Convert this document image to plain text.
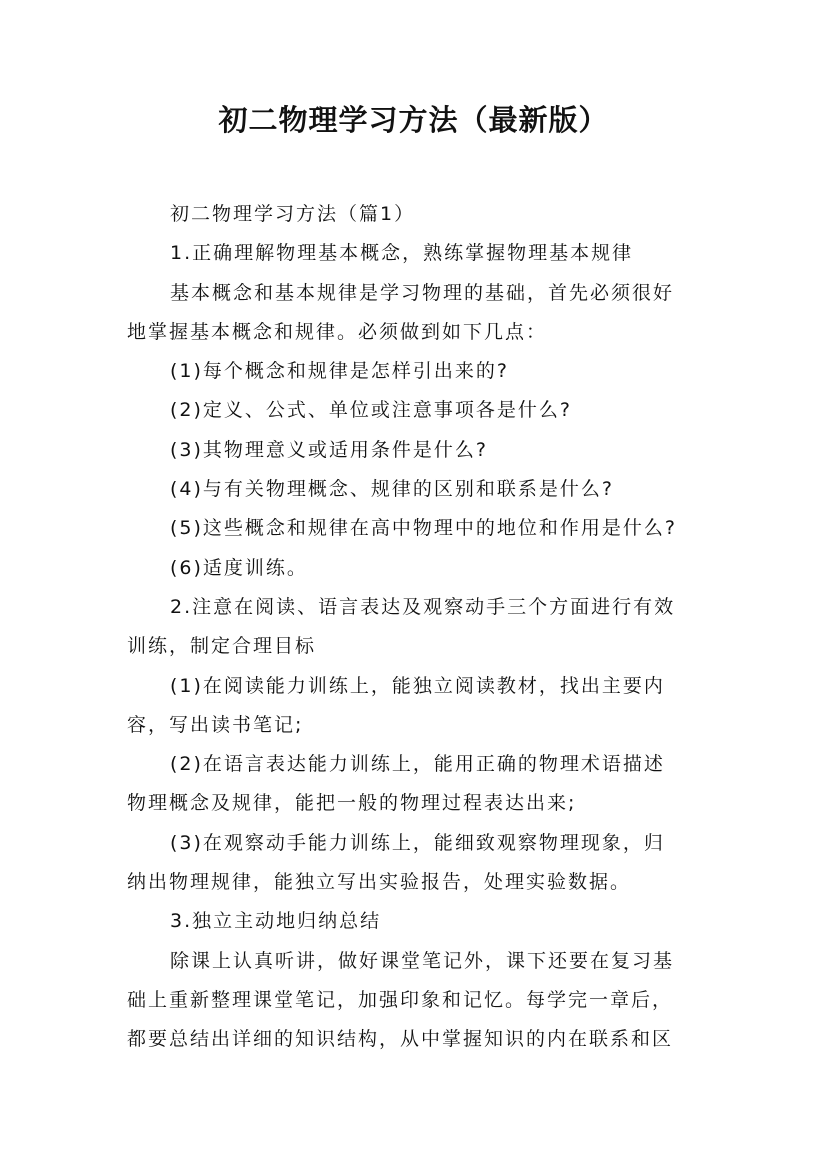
初二物理学习方法（最新版）
初二物理学习方法（篇1）
1.正确理解物理基本概念，熟练掌握物理基本规律
基本概念和基本规律是学习物理的基础，首先必须很好
地掌握基本概念和规律。必须做到如下几点：
(1)每个概念和规律是怎样引出来的?
(2)定义、公式、单位或注意事项各是什么?
(3)其物理意义或适用条件是什么?
(4)与有关物理概念、规律的区别和联系是什么?
(5)这些概念和规律在高中物理中的地位和作用是什么?
(6)适度训练。
2.注意在阅读、语言表达及观察动手三个方面进行有效
训练，制定合理目标
(1)在阅读能力训练上，能独立阅读教材，找出主要内
容，写出读书笔记;
(2)在语言表达能力训练上，能用正确的物理术语描述
物理概念及规律，能把一般的物理过程表达出来;
(3)在观察动手能力训练上，能细致观察物理现象，归
纳出物理规律，能独立写出实验报告，处理实验数据。
3.独立主动地归纳总结
除课上认真听讲，做好课堂笔记外，课下还要在复习基
础上重新整理课堂笔记，加强印象和记忆。每学完一章后，
都要总结出详细的知识结构，从中掌握知识的内在联系和区
